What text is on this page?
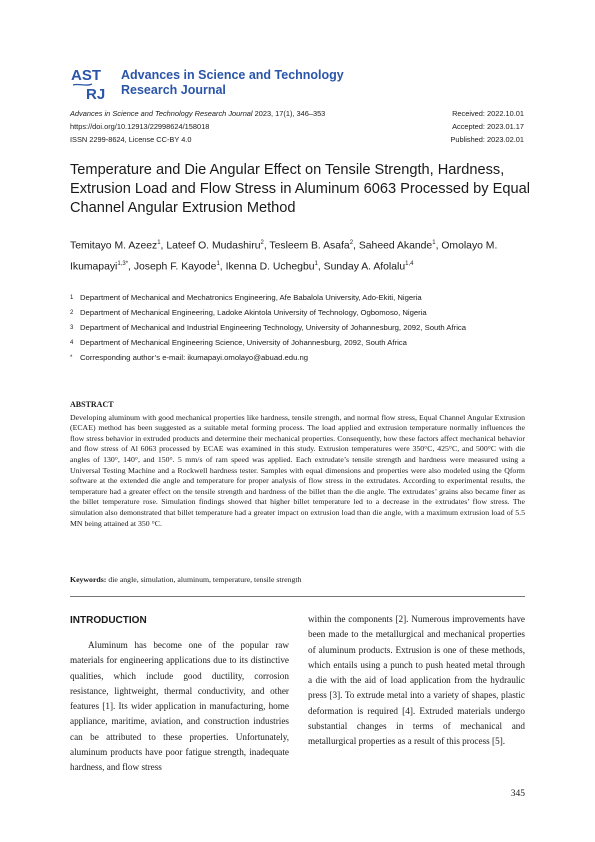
AST
RJ
Advances in Science and Technology
Research Journal
Advances in Science and Technology Research Journal 2023, 17(1), 346–353
https://doi.org/10.12913/22998624/158018
ISSN 2299-8624, License CC-BY 4.0
Received: 2022.10.01
Accepted: 2023.01.17
Published: 2023.02.01
Temperature and Die Angular Effect on Tensile Strength, Hardness, Extrusion Load and Flow Stress in Aluminum 6063 Processed by Equal Channel Angular Extrusion Method

Temitayo M. Azeez$^1$, Lateef O. Mudashiru$^2$, Tesleem B. Asafa$^2$, Saheed Akande$^1$, Omolayo M. Ikumapayi$^{1,3*}$, Joseph F. Kayode$^1$, Ikenna D. Uchegbu$^1$, Sunday A. Afolalu$^{1,4}$

1 Department of Mechanical and Mechatronics Engineering, Afe Babalola University, Ado-Ekiti, Nigeria
2 Department of Mechanical Engineering, Ladoke Akintola University of Technology, Ogbomoso, Nigeria
3 Department of Mechanical and Industrial Engineering Technology, University of Johannesburg, 2092, South Africa
4 Department of Mechanical Engineering Science, University of Johannesburg, 2092, South Africa
* Corresponding author’s e-mail: ikumapayi.omolayo@abuad.edu.ng
ABSTRACT

Developing aluminum with good mechanical properties like hardness, tensile strength, and normal flow stress, Equal Channel Angular Extrusion (ECAE) method has been suggested as a suitable metal forming process. The load applied and extrusion temperature normally influences the flow stress behavior in extruded products and determine their mechanical properties. Consequently, how these factors affect mechanical behavior and flow stress of Al 6063 processed by ECAE was examined in this study. Extrusion temperatures were 350°C, 425°C, and 500°C with die angles of 130°, 140°, and 150°. 5 mm/s of ram speed was applied. Each extrudate’s tensile strength and hardness were measured using a Universal Testing Machine and a Rockwell hardness tester. Samples with equal dimensions and properties were also modeled using the Qform software at the extended die angle and temperature for proper analysis of flow stress in the extrudates. According to experimental results, the temperature had a greater effect on the tensile strength and hardness of the billet than the die angle. The extrudates’ grains also became finer as the billet temperature rose. Simulation findings showed that higher billet temperature led to a decrease in the extrudates’ flow stress. The simulation also demonstrated that billet temperature had a greater impact on extrusion load than die angle, with a maximum extrusion load of 5.5 MN being attained at 350 °C.

Keywords: die angle, simulation, aluminum, temperature, tensile strength
INTRODUCTION

Aluminum has become one of the popular raw materials for engineering applications due to its distinctive qualities, which include good ductility, corrosion resistance, lightweight, thermal conductivity, and other features [1]. Its wider application in manufacturing, home appliance, maritime, aviation, and construction industries can be attributed to these properties. Unfortunately, aluminum products have poor fatigue strength, inadequate hardness, and flow stress

within the components [2]. Numerous improvements have been made to the metallurgical and mechanical properties of aluminum products. Extrusion is one of these methods, which entails using a punch to push heated metal through a die with the aid of load application from the hydraulic press [3]. To extrude metal into a variety of shapes, plastic deformation is required [4]. Extruded materials undergo substantial changes in terms of mechanical and metallurgical properties as a result of this process [5].

345
